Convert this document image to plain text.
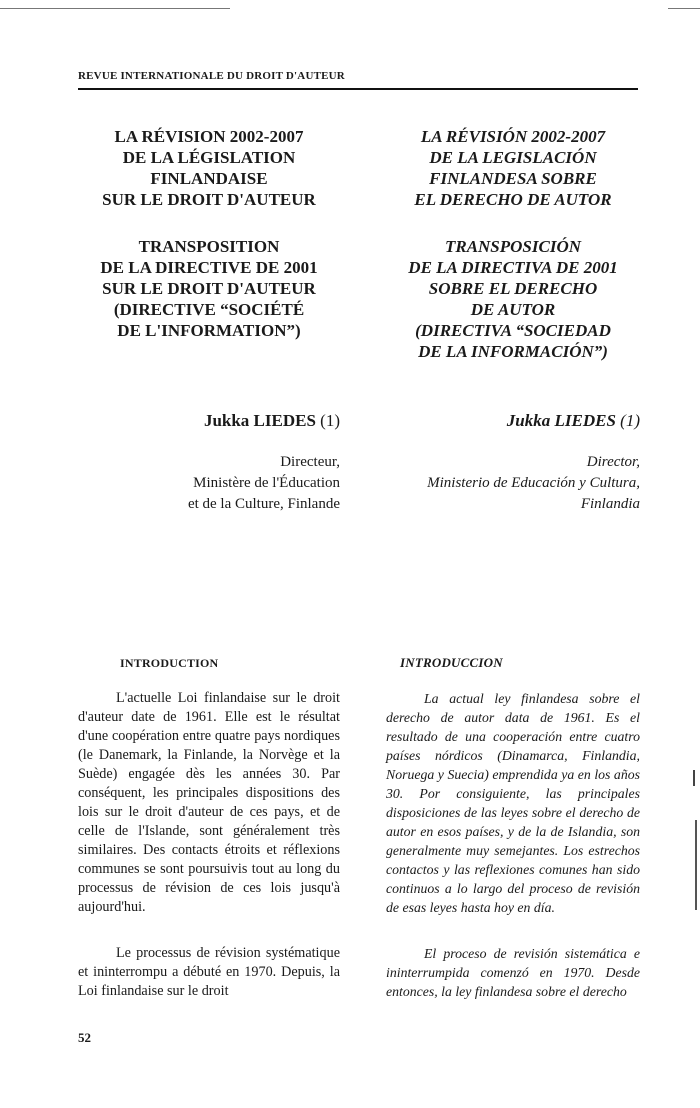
REVUE INTERNATIONALE DU DROIT D'AUTEUR
LA RÉVISION 2002-2007
DE LA LÉGISLATION
FINLANDAISE
SUR LE DROIT D'AUTEUR
TRANSPOSITION
DE LA DIRECTIVE DE 2001
SUR LE DROIT D'AUTEUR
(DIRECTIVE “SOCIÉTÉ
DE L'INFORMATION”)
Jukka LIEDES (1)
Directeur,
Ministère de l'Éducation
et de la Culture, Finlande
INTRODUCTION

L'actuelle Loi finlandaise sur le droit d'auteur date de 1961. Elle est le résultat d'une coopération entre quatre pays nordiques (le Danemark, la Finlande, la Norvège et la Suède) engagée dès les années 30. Par conséquent, les principales dispositions des lois sur le droit d'auteur de ces pays, et de celle de l'Islande, sont généralement très similaires. Des contacts étroits et réflexions communes se sont poursuivis tout au long du processus de révision de ces lois jusqu'à aujourd'hui.

Le processus de révision systématique et ininterrompu a débuté en 1970. Depuis, la Loi finlandaise sur le droit

LA RÉVISIÓN 2002-2007
DE LA LEGISLACIÓN
FINLANDESA SOBRE
EL DERECHO DE AUTOR
TRANSPOSICIÓN
DE LA DIRECTIVA DE 2001
SOBRE EL DERECHO
DE AUTOR
(DIRECTIVA “SOCIEDAD
DE LA INFORMACIÓN”)
Jukka LIEDES (1)
Director,
Ministerio de Educación y Cultura,
Finlandia
INTRODUCCION

La actual ley finlandesa sobre el derecho de autor data de 1961. Es el resultado de una cooperación entre cuatro países nórdicos (Dinamarca, Finlandia, Noruega y Suecia) emprendida ya en los años 30. Por consiguiente, las principales disposiciones de las leyes sobre el derecho de autor en esos países, y de la de Islandia, son generalmente muy semejantes. Los estrechos contactos y las reflexiones comunes han sido continuos a lo largo del proceso de revisión de esas leyes hasta hoy en día.

El proceso de revisión sistemática e ininterrumpida comenzó en 1970. Desde entonces, la ley finlandesa sobre el derecho

52
